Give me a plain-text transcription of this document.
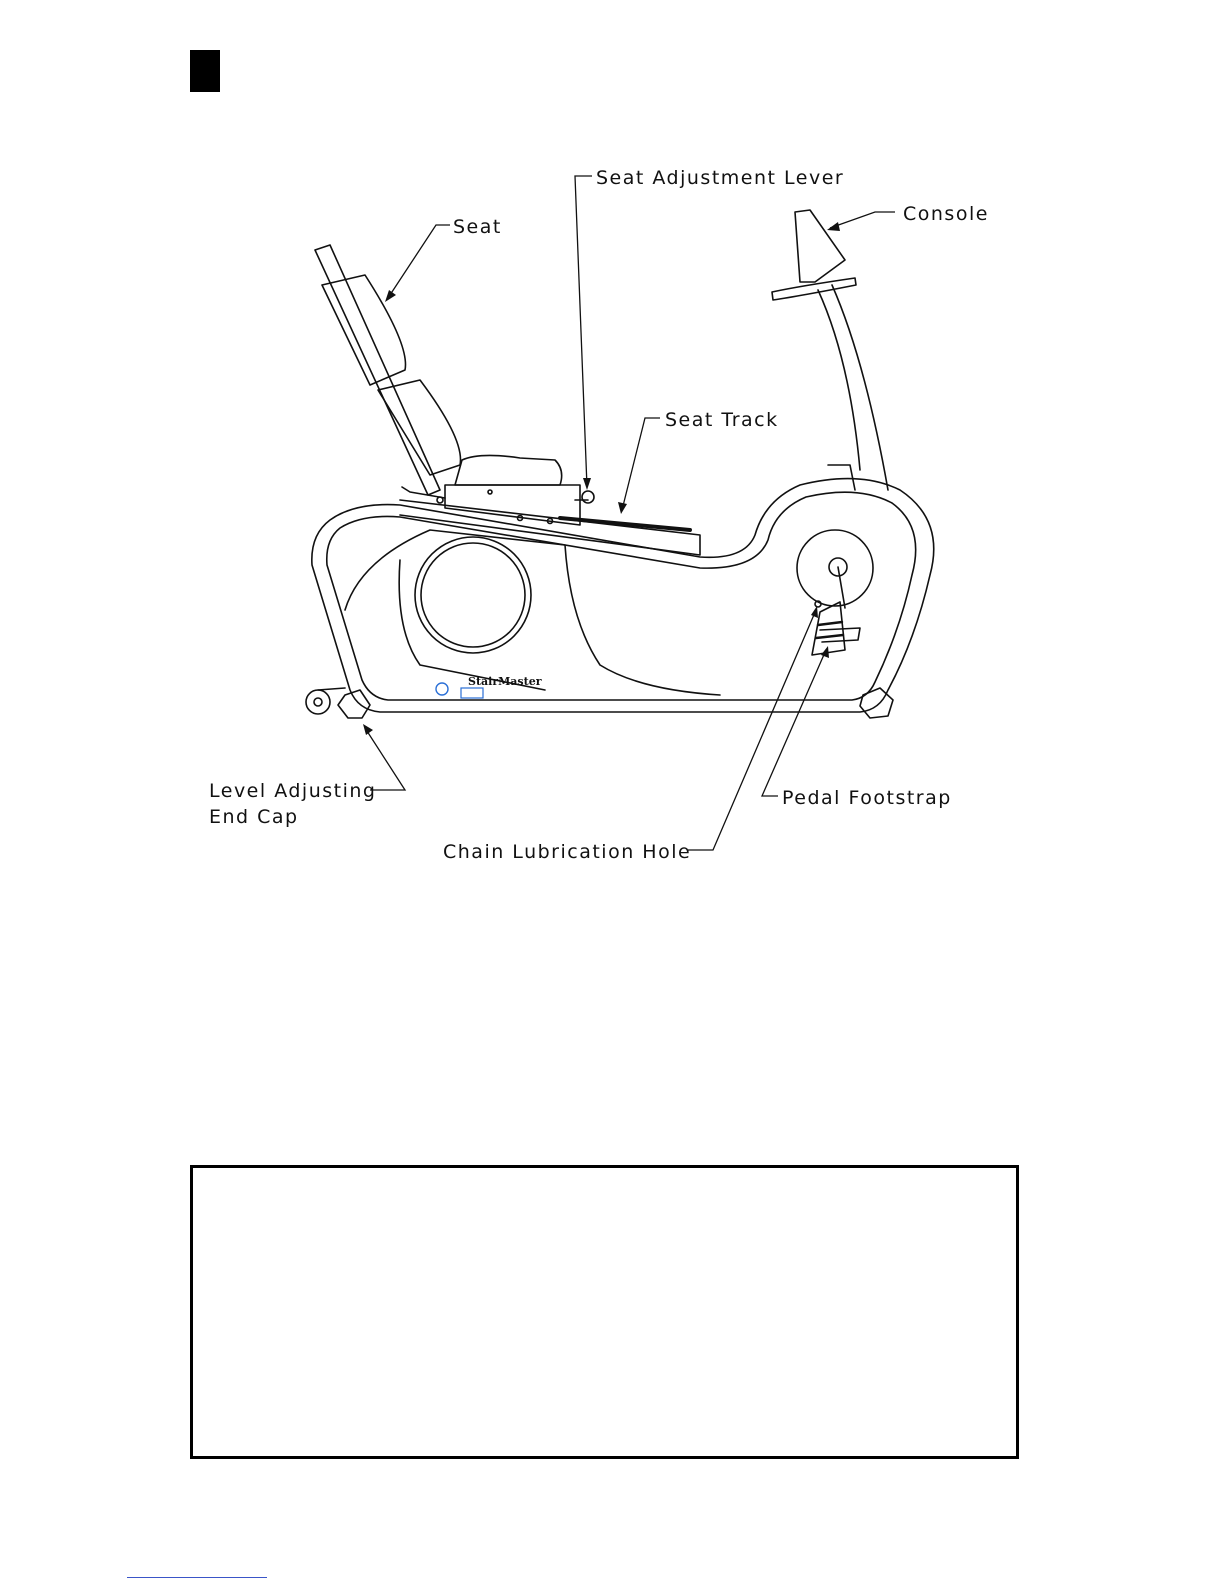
StairMaster
Seat Adjustment Lever
Console
Seat
Seat Track
Level Adjusting
End Cap
Pedal Footstrap
Chain Lubrication Hole
